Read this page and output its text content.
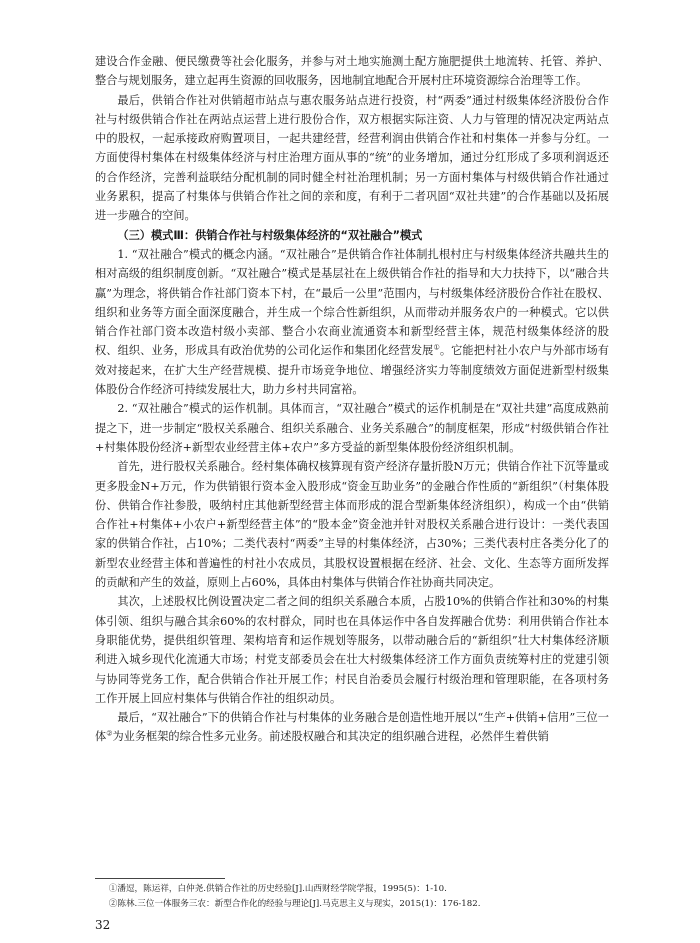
建设合作金融、便民缴费等社会化服务，并参与对土地实施测土配方施肥提供土地流转、托管、养护、整合与规划服务，建立起再生资源的回收服务，因地制宜地配合开展村庄环境资源综合治理等工作。

最后，供销合作社对供销超市站点与惠农服务站点进行投资，村“两委”通过村级集体经济股份合作社与村级供销合作社在两站点运营上进行股份合作，双方根据实际注资、人力与管理的情况决定两站点中的股权，一起承接政府购置项目，一起共建经营，经营利润由供销合作社和村集体一并参与分红。一方面使得村集体在村级集体经济与村庄治理方面从事的“统”的业务增加，通过分红形成了多项利润返还的合作经济，完善利益联结分配机制的同时健全村社治理机制；另一方面村集体与村级供销合作社通过业务累积，提高了村集体与供销合作社之间的亲和度，有利于二者巩固“双社共建”的合作基础以及拓展进一步融合的空间。

（三）模式Ⅲ：供销合作社与村级集体经济的“双社融合”模式

1. “双社融合”模式的概念内涵。“双社融合”是供销合作社体制扎根村庄与村级集体经济共融共生的相对高级的组织制度创新。“双社融合”模式是基层社在上级供销合作社的指导和大力扶持下，以“融合共赢”为理念，将供销合作社部门资本下村，在“最后一公里”范围内，与村级集体经济股份合作社在股权、组织和业务等方面全面深度融合，并生成一个综合性新组织，从而带动并服务农户的一种模式。它以供销合作社部门资本改造村级小卖部、整合小农商业流通资本和新型经营主体，规范村级集体经济的股权、组织、业务，形成具有政治优势的公司化运作和集团化经营发展①。它能把村社小农户与外部市场有效对接起来，在扩大生产经营规模、提升市场竞争地位、增强经济实力等制度绩效方面促进新型村级集体股份合作经济可持续发展壮大，助力乡村共同富裕。

2. “双社融合”模式的运作机制。具体而言，“双社融合”模式的运作机制是在“双社共建”高度成熟前提之下，进一步制定“股权关系融合、组织关系融合、业务关系融合”的制度框架，形成“村级供销合作社+村集体股份经济+新型农业经营主体+农户”多方受益的新型集体股份经济组织机制。

首先，进行股权关系融合。经村集体确权核算现有资产经济存量折股N万元；供销合作社下沉等量或更多股金N+万元，作为供销银行资本金入股形成“资金互助业务”的金融合作性质的“新组织”（村集体股份、供销合作社参股，吸纳村庄其他新型经营主体而形成的混合型新集体经济组织），构成一个由“供销合作社+村集体+小农户+新型经营主体”的“股本金”资金池并针对股权关系融合进行设计：一类代表国家的供销合作社，占10%；二类代表村“两委”主导的村集体经济，占30%；三类代表村庄各类分化了的新型农业经营主体和普遍性的村社小农成员，其股权设置根据在经济、社会、文化、生态等方面所发挥的贡献和产生的效益，原则上占60%，具体由村集体与供销合作社协商共同决定。

其次，上述股权比例设置决定二者之间的组织关系融合本质，占股10%的供销合作社和30%的村集体引领、组织与融合其余60%的农村群众，同时也在具体运作中各自发挥融合优势：利用供销合作社本身职能优势，提供组织管理、架构培育和运作规划等服务，以带动融合后的“新组织”壮大村集体经济顺利进入城乡现代化流通大市场；村党支部委员会在壮大村级集体经济工作方面负责统筹村庄的党建引领与协同等党务工作，配合供销合作社开展工作；村民自治委员会履行村级治理和管理职能，在各项村务工作开展上回应村集体与供销合作社的组织动员。

最后，“双社融合”下的供销合作社与村集体的业务融合是创造性地开展以“生产+供销+信用”三位一体②为业务框架的综合性多元业务。前述股权融合和其决定的组织融合进程，必然伴生着供销

①潘逗，陈运祥，白仲尧.供销合作社的历史经验[J].山西财经学院学报，1995(5)：1-10.
②陈林.三位一体服务三农：新型合作化的经验与理论[J].马克思主义与现实，2015(1)：176-182.
32
